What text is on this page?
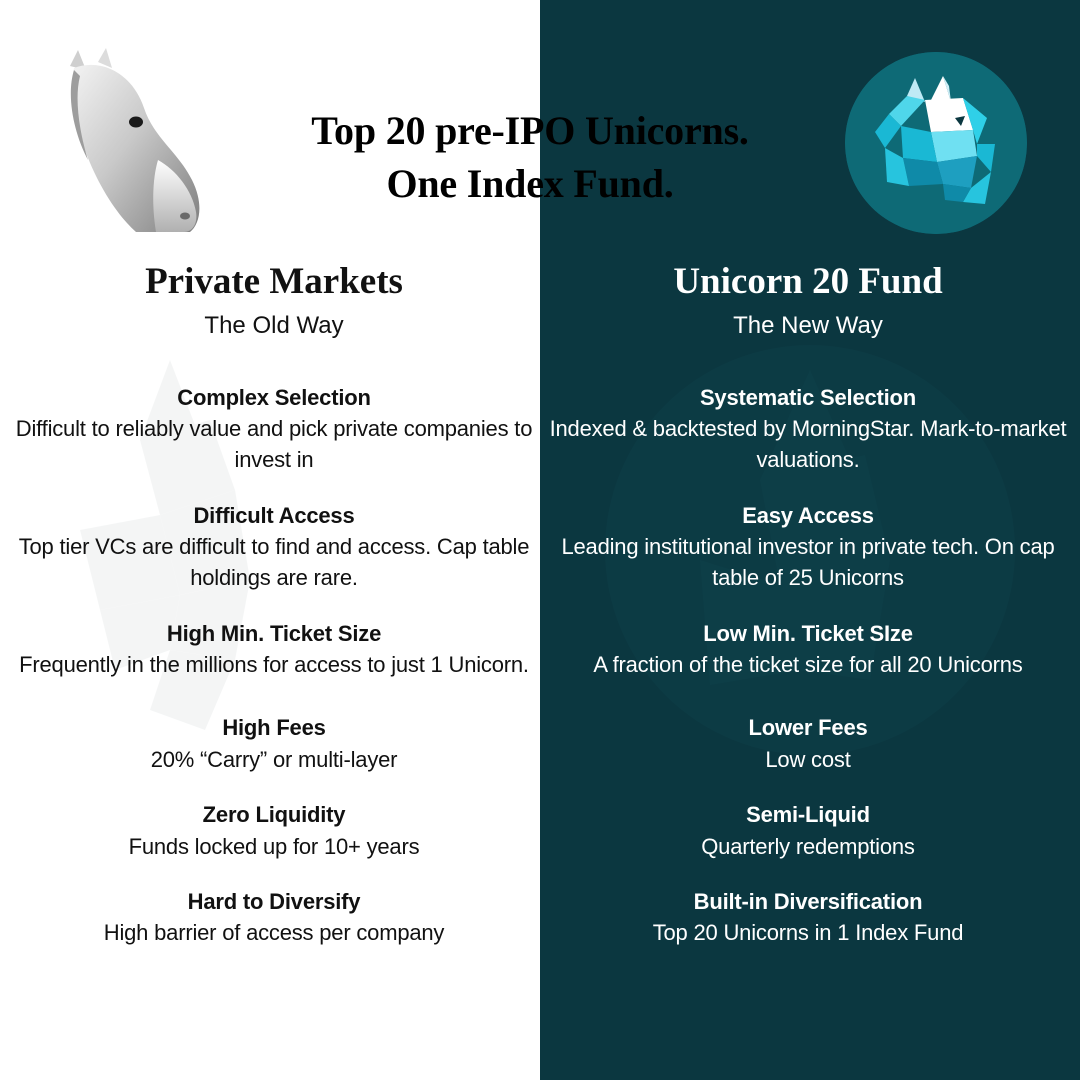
Top 20 pre-IPO Unicorns.
One Index Fund.
Private Markets
The Old Way
Complex Selection
Difficult to reliably value and pick private companies to invest in
Difficult Access
Top tier VCs are difficult to find and access. Cap table holdings are rare.
High Min. Ticket Size
Frequently in the millions for access to just 1 Unicorn.
High Fees
20% “Carry” or multi-layer
Zero Liquidity
Funds locked up for 10+ years
Hard to Diversify
High barrier of access per company
Unicorn 20 Fund
The New Way
Systematic Selection
Indexed & backtested by MorningStar. Mark-to-market valuations.
Easy Access
Leading institutional investor in private tech. On cap table of 25 Unicorns
Low Min. Ticket SIze
A fraction of the ticket size for all 20 Unicorns
Lower Fees
Low cost
Semi-Liquid
Quarterly redemptions
Built-in Diversification
Top 20 Unicorns in 1 Index Fund
